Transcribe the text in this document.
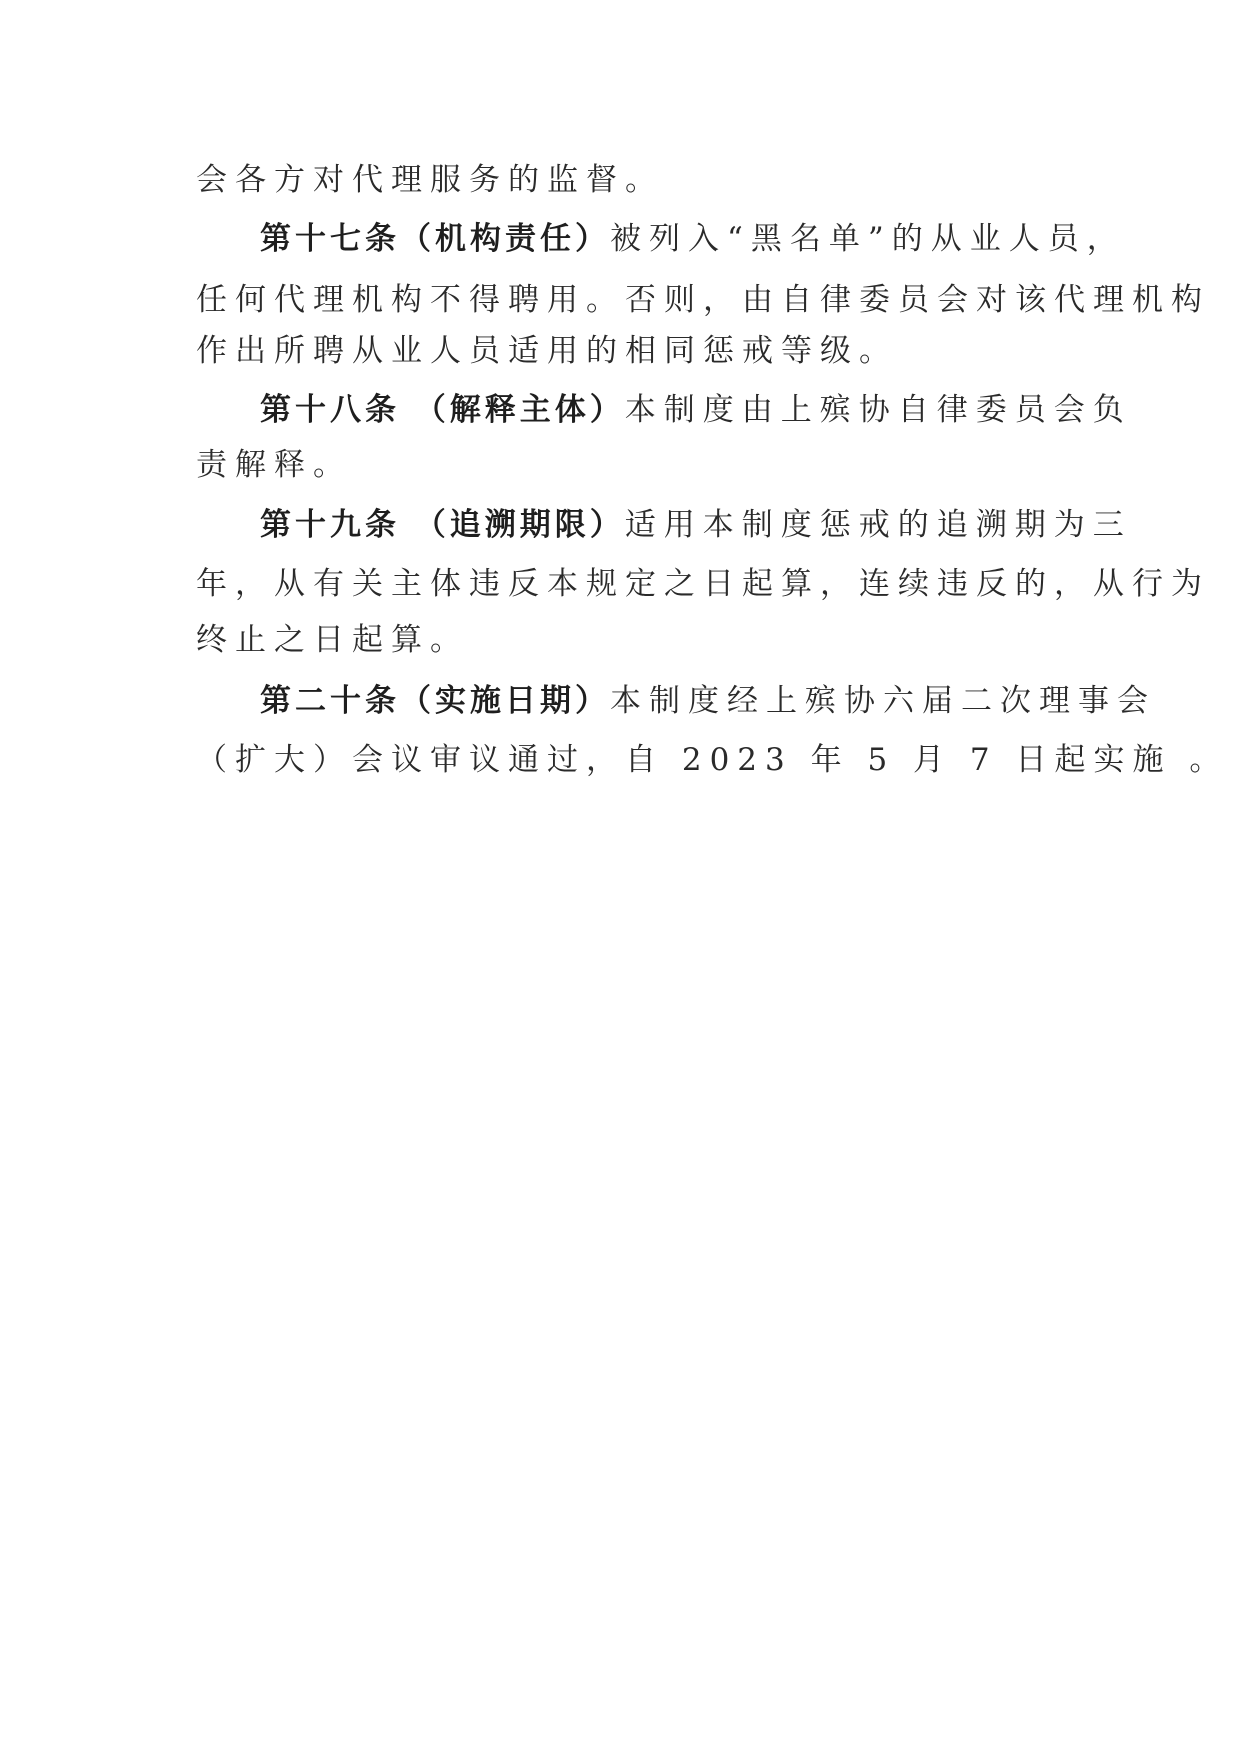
会各方对代理服务的监督。
第十七条（机构责任）被列入“黑名单”的从业人员，
任何代理机构不得聘用。否则，由自律委员会对该代理机构
作出所聘从业人员适用的相同惩戒等级。
第十八条 （解释主体）本制度由上殡协自律委员会负
责解释。
第十九条 （追溯期限）适用本制度惩戒的追溯期为三
年，从有关主体违反本规定之日起算，连续违反的，从行为
终止之日起算。
第二十条（实施日期）本制度经上殡协六届二次理事会
（扩大）会议审议通过，自 2023 年 5 月 7 日起实施 。
